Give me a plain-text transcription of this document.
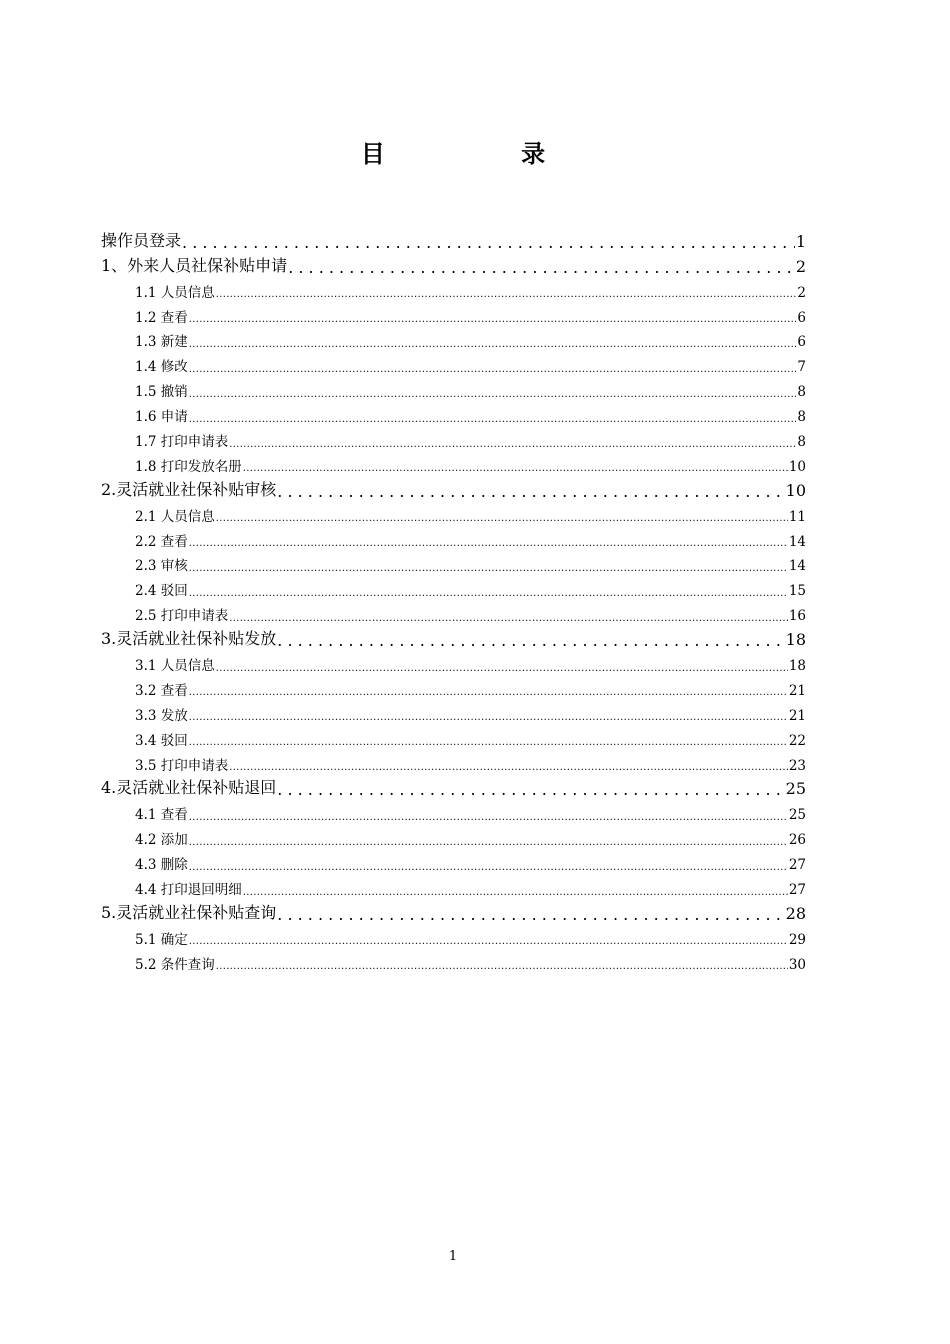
目 录
操作员登录 . . .	1
1、外来人员社保补贴申请 . . .	2
1.1 人员信息 .....	2
1.2 查看 .....	6
1.3 新建 .....	6
1.4 修改 .....	7
1.5 撤销 .....	8
1.6 申请 .....	8
1.7 打印申请表 .....	8
1.8 打印发放名册 .....	10
2.灵活就业社保补贴审核 . . .	10
2.1 人员信息 .....	11
2.2 查看 .....	14
2.3 审核 .....	14
2.4 驳回 .....	15
2.5 打印申请表 .....	16
3.灵活就业社保补贴发放 . . .	18
3.1 人员信息 .....	18
3.2 查看 .....	21
3.3 发放 .....	21
3.4 驳回 .....	22
3.5 打印申请表 .....	23
4.灵活就业社保补贴退回 . . .	25
4.1 查看 .....	25
4.2 添加 .....	26
4.3 删除 .....	27
4.4 打印退回明细 .....	27
5.灵活就业社保补贴查询 . . .	28
5.1 确定 .....	29
5.2 条件查询 .....	30
1
